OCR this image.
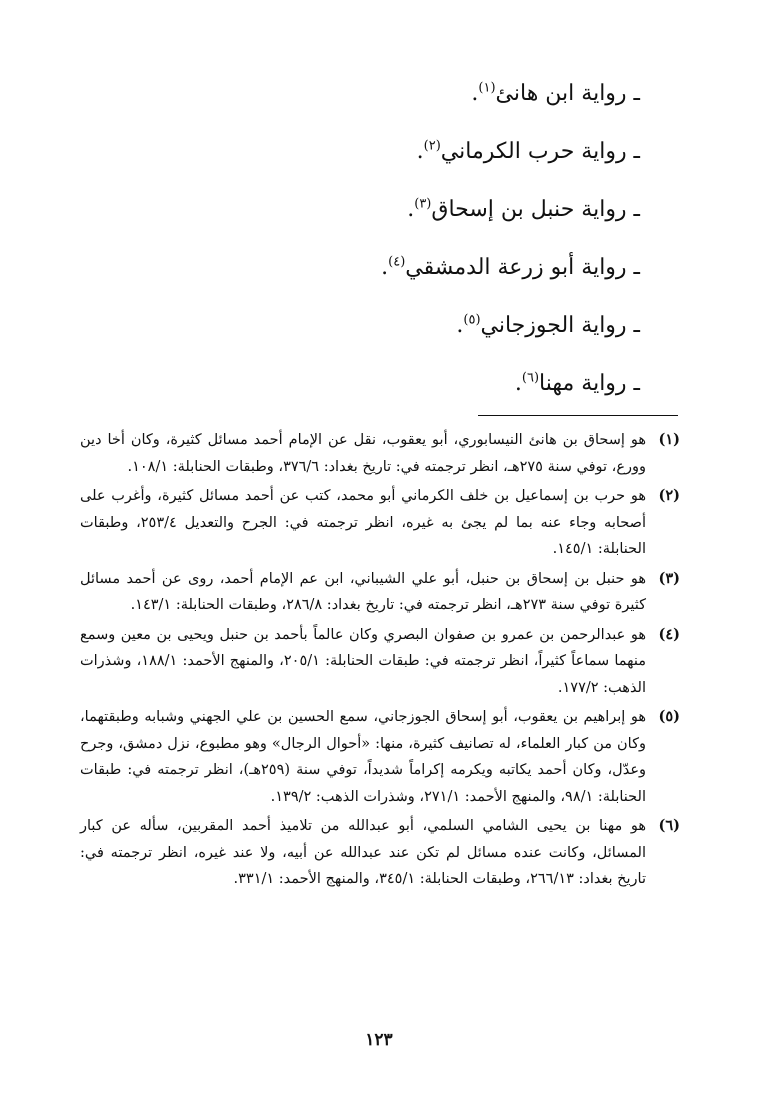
ـ رواية ابن هانئ$^{(١)}$.
ـ رواية حرب الكرماني$^{(٢)}$.
ـ رواية حنبل بن إسحاق$^{(٣)}$.
ـ رواية أبو زرعة الدمشقي$^{(٤)}$.
ـ رواية الجوزجاني$^{(٥)}$.
ـ رواية مهنا$^{(٦)}$.
(١)
هو إسحاق بن هانئ النيسابوري، أبو يعقوب، نقل عن الإمام أحمد مسائل كثيرة، وكان أخا دين وورع، توفي سنة ٢٧٥هـ، انظر ترجمته في: تاريخ بغداد: ٣٧٦/٦، وطبقات الحنابلة: ١٠٨/١.
(٢)
هو حرب بن إسماعيل بن خلف الكرماني أبو محمد، كتب عن أحمد مسائل كثيرة، وأغرب على أصحابه وجاء عنه بما لم يجئ به غيره، انظر ترجمته في: الجرح والتعديل ٢٥٣/٤، وطبقات الحنابلة: ١٤٥/١.
(٣)
هو حنبل بن إسحاق بن حنبل، أبو علي الشيباني، ابن عم الإمام أحمد، روى عن أحمد مسائل كثيرة توفي سنة ٢٧٣هـ، انظر ترجمته في: تاريخ بغداد: ٢٨٦/٨، وطبقات الحنابلة: ١٤٣/١.
(٤)
هو عبدالرحمن بن عمرو بن صفوان البصري وكان عالماً بأحمد بن حنبل ويحيى بن معين وسمع منهما سماعاً كثيراً، انظر ترجمته في: طبقات الحنابلة: ٢٠٥/١، والمنهج الأحمد: ١٨٨/١، وشذرات الذهب: ١٧٧/٢.
(٥)
هو إبراهيم بن يعقوب، أبو إسحاق الجوزجاني، سمع الحسين بن علي الجهني وشبابه وطبقتهما، وكان من كبار العلماء، له تصانيف كثيرة، منها: «أحوال الرجال» وهو مطبوع، نزل دمشق، وجرح وعدّل، وكان أحمد يكاتبه ويكرمه إكراماً شديداً، توفي سنة (٢٥٩هـ)، انظر ترجمته في: طبقات الحنابلة: ٩٨/١، والمنهج الأحمد: ٢٧١/١، وشذرات الذهب: ١٣٩/٢.
(٦)
هو مهنا بن يحيى الشامي السلمي، أبو عبدالله من تلاميذ أحمد المقربين، سأله عن كبار المسائل، وكانت عنده مسائل لم تكن عند عبدالله عن أبيه، ولا عند غيره، انظر ترجمته في: تاريخ بغداد: ٢٦٦/١٣، وطبقات الحنابلة: ٣٤٥/١، والمنهج الأحمد: ٣٣١/١.
١٢٣
